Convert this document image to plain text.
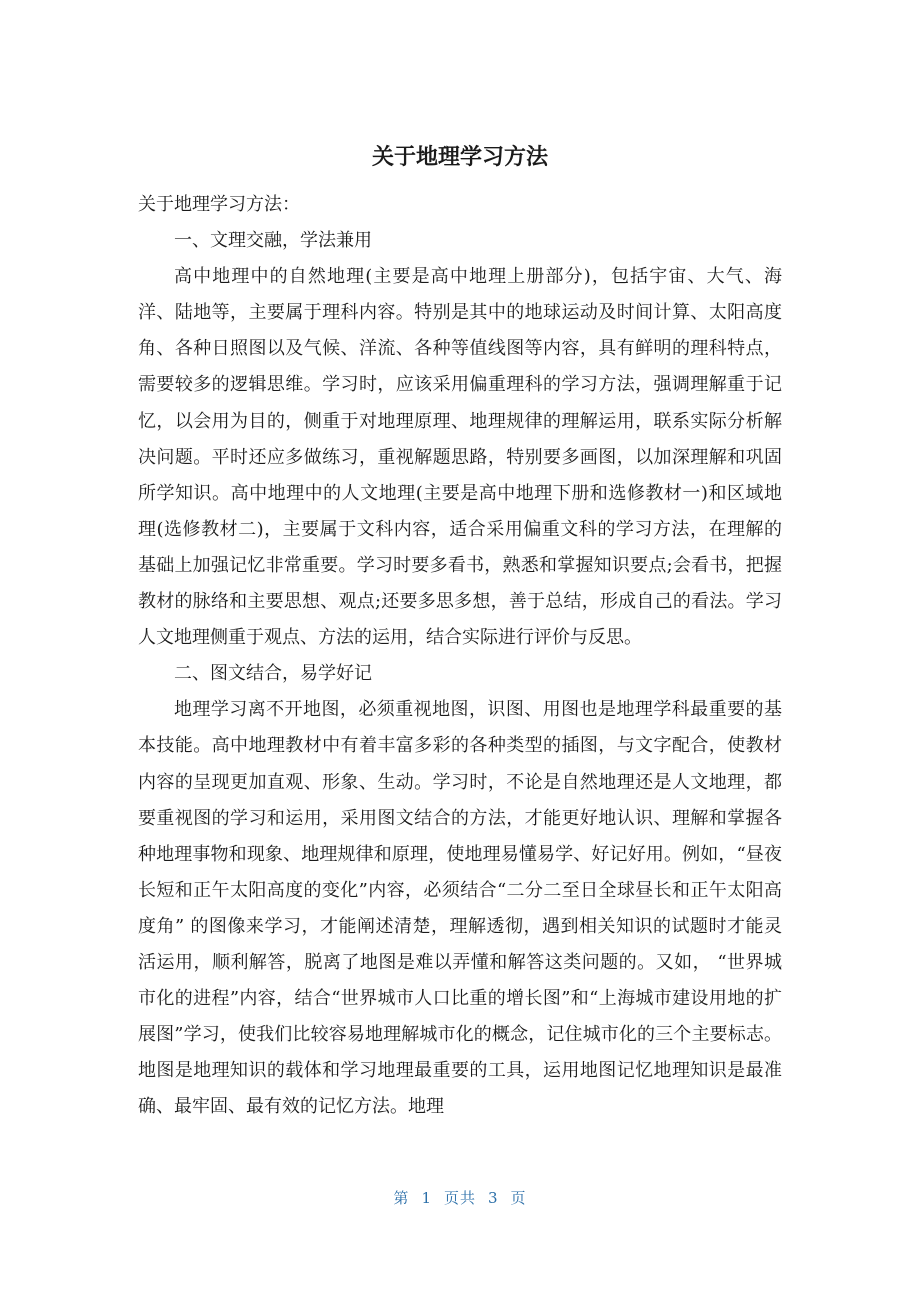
关于地理学习方法

关于地理学习方法：

一、文理交融，学法兼用

高中地理中的自然地理(主要是高中地理上册部分)，包括宇宙、大气、海洋、陆地等，主要属于理科内容。特别是其中的地球运动及时间计算、太阳高度角、各种日照图以及气候、洋流、各种等值线图等内容，具有鲜明的理科特点，需要较多的逻辑思维。学习时，应该采用偏重理科的学习方法，强调理解重于记忆，以会用为目的，侧重于对地理原理、地理规律的理解运用，联系实际分析解决问题。平时还应多做练习，重视解题思路，特别要多画图，以加深理解和巩固所学知识。高中地理中的人文地理(主要是高中地理下册和选修教材一)和区域地理(选修教材二)，主要属于文科内容，适合采用偏重文科的学习方法，在理解的基础上加强记忆非常重要。学习时要多看书，熟悉和掌握知识要点;会看书，把握教材的脉络和主要思想、观点;还要多思多想，善于总结，形成自己的看法。学习人文地理侧重于观点、方法的运用，结合实际进行评价与反思。

二、图文结合，易学好记

地理学习离不开地图，必须重视地图，识图、用图也是地理学科最重要的基本技能。高中地理教材中有着丰富多彩的各种类型的插图，与文字配合，使教材内容的呈现更加直观、形象、生动。学习时，不论是自然地理还是人文地理，都要重视图的学习和运用，采用图文结合的方法，才能更好地认识、理解和掌握各种地理事物和现象、地理规律和原理，使地理易懂易学、好记好用。例如，“昼夜长短和正午太阳高度的变化”内容，必须结合“二分二至日全球昼长和正午太阳高度角” 的图像来学习，才能阐述清楚，理解透彻，遇到相关知识的试题时才能灵活运用，顺利解答，脱离了地图是难以弄懂和解答这类问题的。又如， “世界城市化的进程”内容，结合“世界城市人口比重的增长图”和“上海城市建设用地的扩展图”学习，使我们比较容易地理解城市化的概念，记住城市化的三个主要标志。地图是地理知识的载体和学习地理最重要的工具，运用地图记忆地理知识是最准确、最牢固、最有效的记忆方法。地理

第 1 页共 3 页
